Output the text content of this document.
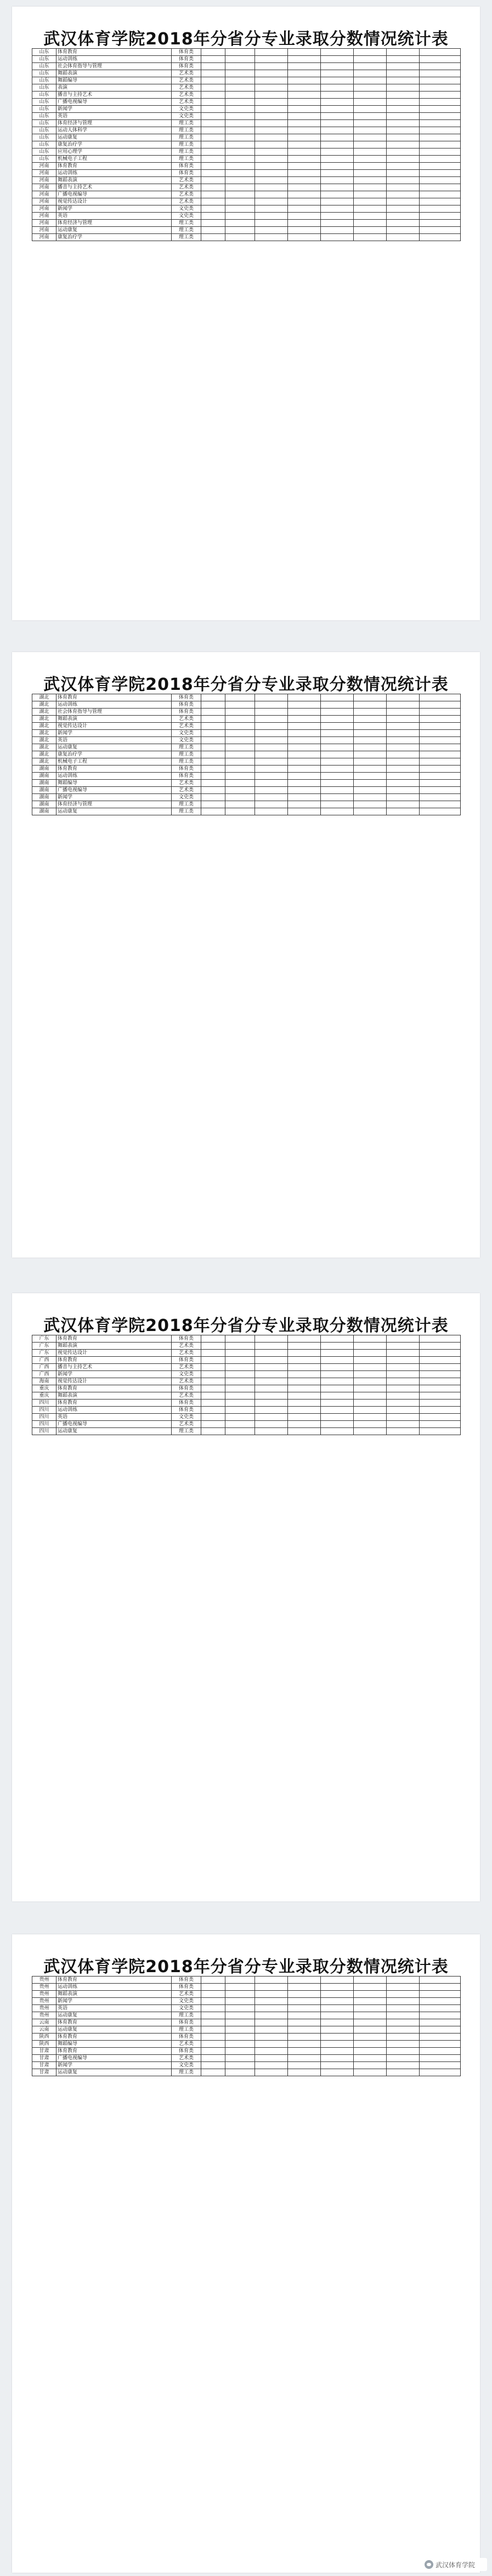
武汉体育学院2018年分省分专业录取分数情况统计表
山东	体育教育	体育类								
山东	运动训练	体育类								
山东	社会体育指导与管理	体育类								
山东	舞蹈表演	艺术类								
山东	舞蹈编导	艺术类								
山东	表演	艺术类								
山东	播音与主持艺术	艺术类								
山东	广播电视编导	艺术类								
山东	新闻学	文史类								
山东	英语	文史类								
山东	体育经济与管理	理工类								
山东	运动人体科学	理工类								
山东	运动康复	理工类								
山东	康复治疗学	理工类								
山东	应用心理学	理工类								
山东	机械电子工程	理工类								
河南	体育教育	体育类								
河南	运动训练	体育类								
河南	舞蹈表演	艺术类								
河南	播音与主持艺术	艺术类								
河南	广播电视编导	艺术类								
河南	视觉传达设计	艺术类								
河南	新闻学	文史类								
河南	英语	文史类								
河南	体育经济与管理	理工类								
河南	运动康复	理工类								
河南	康复治疗学	理工类								
武汉体育学院2018年分省分专业录取分数情况统计表
湖北	体育教育	体育类								
湖北	运动训练	体育类								
湖北	社会体育指导与管理	体育类								
湖北	舞蹈表演	艺术类								
湖北	视觉传达设计	艺术类								
湖北	新闻学	文史类								
湖北	英语	文史类								
湖北	运动康复	理工类								
湖北	康复治疗学	理工类								
湖北	机械电子工程	理工类								
湖南	体育教育	体育类								
湖南	运动训练	体育类								
湖南	舞蹈编导	艺术类								
湖南	广播电视编导	艺术类								
湖南	新闻学	文史类								
湖南	体育经济与管理	理工类								
湖南	运动康复	理工类								
武汉体育学院2018年分省分专业录取分数情况统计表
广东	体育教育	体育类								
广东	舞蹈表演	艺术类								
广东	视觉传达设计	艺术类								
广西	体育教育	体育类								
广西	播音与主持艺术	艺术类								
广西	新闻学	文史类								
海南	视觉传达设计	艺术类								
重庆	体育教育	体育类								
重庆	舞蹈表演	艺术类								
四川	体育教育	体育类								
四川	运动训练	体育类								
四川	英语	文史类								
四川	广播电视编导	艺术类								
四川	运动康复	理工类								
武汉体育学院2018年分省分专业录取分数情况统计表
贵州	体育教育	体育类								
贵州	运动训练	体育类								
贵州	舞蹈表演	艺术类								
贵州	新闻学	文史类								
贵州	英语	文史类								
贵州	运动康复	理工类								
云南	体育教育	体育类								
云南	运动康复	理工类								
陕西	体育教育	体育类								
陕西	舞蹈编导	艺术类								
甘肃	体育教育	体育类								
甘肃	广播电视编导	艺术类								
甘肃	新闻学	文史类								
甘肃	运动康复	理工类								
武汉体育学院
